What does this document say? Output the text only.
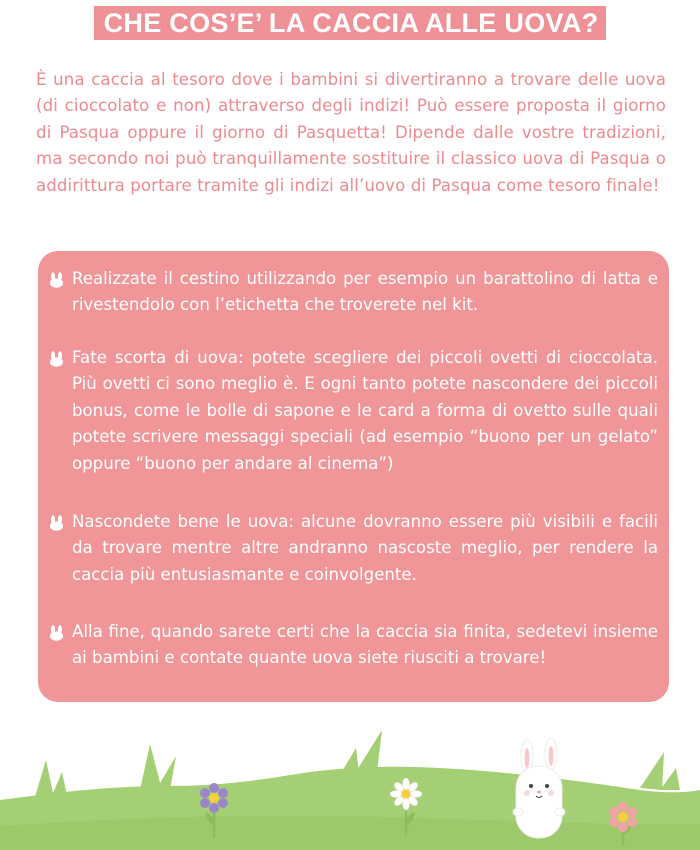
CHE COS’E’ LA CACCIA ALLE UOVA?
È una caccia al tesoro dove i bambini si divertiranno a trovare delle uova (di cioccolato e non) attraverso degli indizi! Può essere proposta il giorno di Pasqua oppure il giorno di Pasquetta! Dipende dalle vostre tradizioni, ma secondo noi può tranquillamente sostituire il classico uova di Pasqua o addirittura portare tramite gli indizi all’uovo di Pasqua come tesoro finale!
Realizzate il cestino utilizzando per esempio un barattolino di latta e rivestendolo con l’etichetta che troverete nel kit.
Fate scorta di uova: potete scegliere dei piccoli ovetti di cioccolata. Più ovetti ci sono meglio è. E ogni tanto potete nascondere dei piccoli bonus, come le bolle di sapone e le card a forma di ovetto sulle quali potete scrivere messaggi speciali (ad esempio “buono per un gelato” oppure “buono per andare al cinema”)
Nascondete bene le uova: alcune dovranno essere più visibili e facili da trovare mentre altre andranno nascoste meglio, per rendere la caccia più entusiasmante e coinvolgente.
Alla fine, quando sarete certi che la caccia sia finita, sedetevi insieme ai bambini e contate quante uova siete riusciti a trovare!
